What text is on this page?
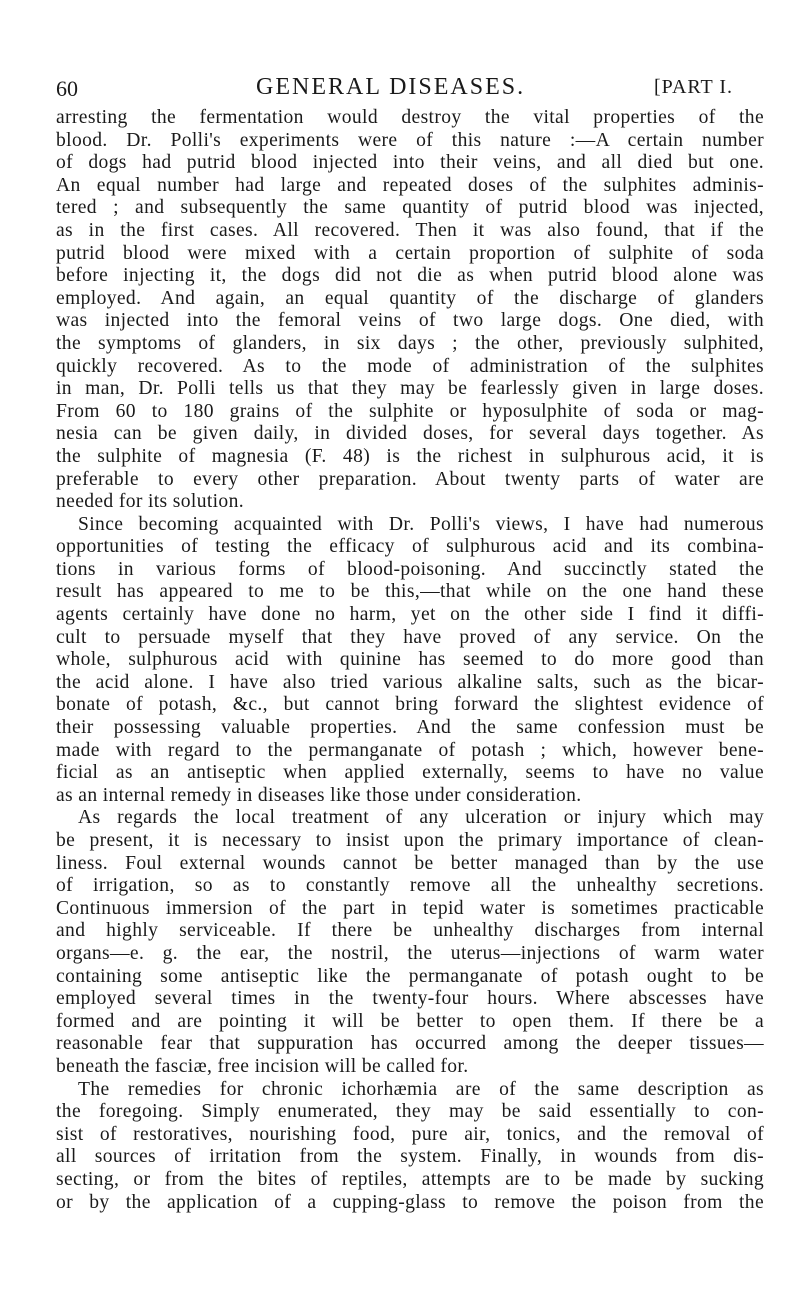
60	GENERAL DISEASES.	[PART I.
arresting the fermentation would destroy the vital properties of the
blood. Dr. Polli's experiments were of this nature :—A certain number
of dogs had putrid blood injected into their veins, and all died but one.
An equal number had large and repeated doses of the sulphites adminis-
tered ; and subsequently the same quantity of putrid blood was injected,
as in the first cases. All recovered. Then it was also found, that if the
putrid blood were mixed with a certain proportion of sulphite of soda
before injecting it, the dogs did not die as when putrid blood alone was
employed. And again, an equal quantity of the discharge of glanders
was injected into the femoral veins of two large dogs. One died, with
the symptoms of glanders, in six days ; the other, previously sulphited,
quickly recovered. As to the mode of administration of the sulphites
in man, Dr. Polli tells us that they may be fearlessly given in large doses.
From 60 to 180 grains of the sulphite or hyposulphite of soda or mag-
nesia can be given daily, in divided doses, for several days together. As
the sulphite of magnesia (F. 48) is the richest in sulphurous acid, it is
preferable to every other preparation. About twenty parts of water are
needed for its solution.
Since becoming acquainted with Dr. Polli's views, I have had numerous
opportunities of testing the efficacy of sulphurous acid and its combina-
tions in various forms of blood-poisoning. And succinctly stated the
result has appeared to me to be this,—that while on the one hand these
agents certainly have done no harm, yet on the other side I find it diffi-
cult to persuade myself that they have proved of any service. On the
whole, sulphurous acid with quinine has seemed to do more good than
the acid alone. I have also tried various alkaline salts, such as the bicar-
bonate of potash, &c., but cannot bring forward the slightest evidence of
their possessing valuable properties. And the same confession must be
made with regard to the permanganate of potash ; which, however bene-
ficial as an antiseptic when applied externally, seems to have no value
as an internal remedy in diseases like those under consideration.
As regards the local treatment of any ulceration or injury which may
be present, it is necessary to insist upon the primary importance of clean-
liness. Foul external wounds cannot be better managed than by the use
of irrigation, so as to constantly remove all the unhealthy secretions.
Continuous immersion of the part in tepid water is sometimes practicable
and highly serviceable. If there be unhealthy discharges from internal
organs—e. g. the ear, the nostril, the uterus—injections of warm water
containing some antiseptic like the permanganate of potash ought to be
employed several times in the twenty-four hours. Where abscesses have
formed and are pointing it will be better to open them. If there be a
reasonable fear that suppuration has occurred among the deeper tissues—
beneath the fasciæ, free incision will be called for.
The remedies for chronic ichorhæmia are of the same description as
the foregoing. Simply enumerated, they may be said essentially to con-
sist of restoratives, nourishing food, pure air, tonics, and the removal of
all sources of irritation from the system. Finally, in wounds from dis-
secting, or from the bites of reptiles, attempts are to be made by sucking
or by the application of a cupping-glass to remove the poison from the
